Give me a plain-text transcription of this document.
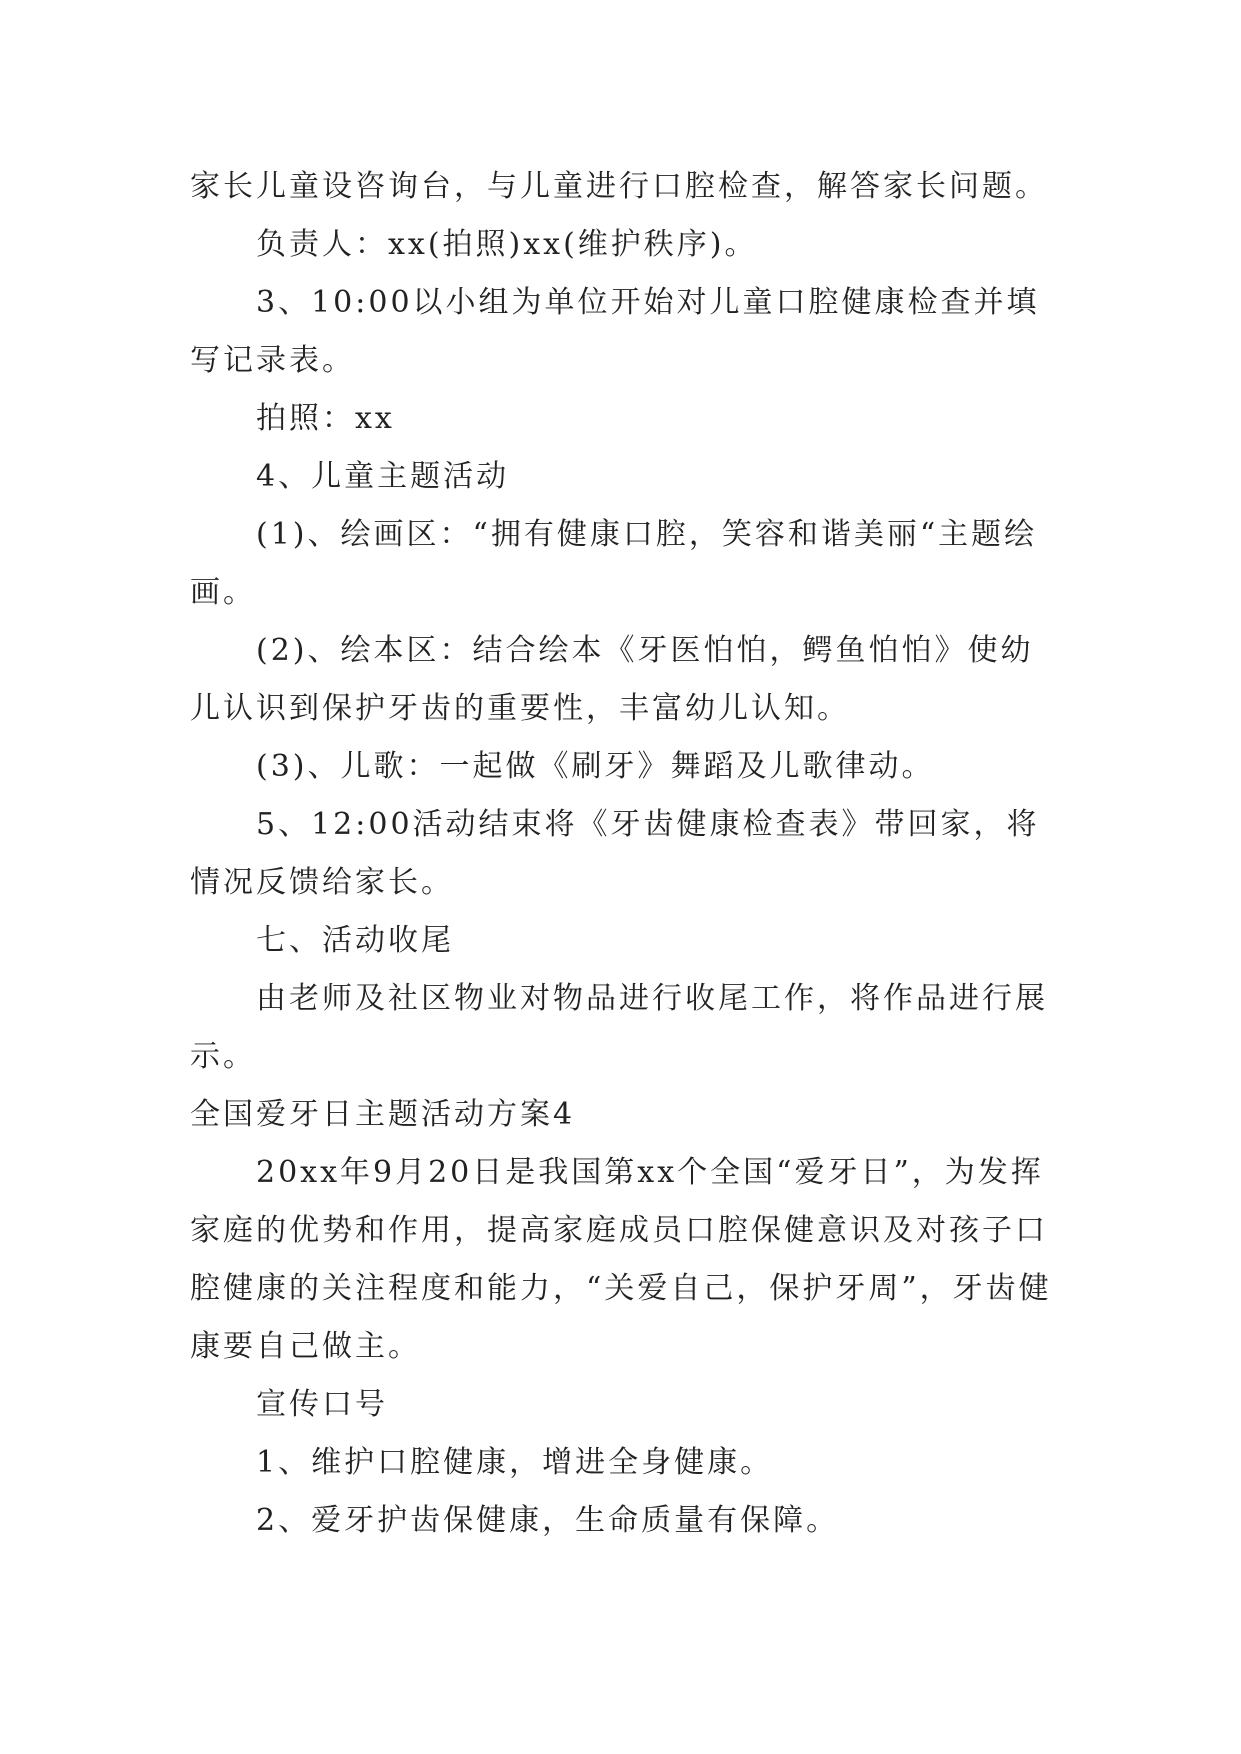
家长儿童设咨询台，与儿童进行口腔检查，解答家长问题。

负责人：xx(拍照)xx(维护秩序)。

3、10:00以小组为单位开始对儿童口腔健康检查并填写记录表。

拍照：xx

4、儿童主题活动

(1)、绘画区：“拥有健康口腔，笑容和谐美丽“主题绘画。

(2)、绘本区：结合绘本《牙医怕怕，鳄鱼怕怕》使幼儿认识到保护牙齿的重要性，丰富幼儿认知。

(3)、儿歌：一起做《刷牙》舞蹈及儿歌律动。

5、12:00活动结束将《牙齿健康检查表》带回家，将情况反馈给家长。

七、活动收尾

由老师及社区物业对物品进行收尾工作，将作品进行展示。

全国爱牙日主题活动方案4

20xx年9月20日是我国第xx个全国“爱牙日”，为发挥家庭的优势和作用，提高家庭成员口腔保健意识及对孩子口腔健康的关注程度和能力，“关爱自己，保护牙周”，牙齿健康要自己做主。

宣传口号

1、维护口腔健康，增进全身健康。

2、爱牙护齿保健康，生命质量有保障。
